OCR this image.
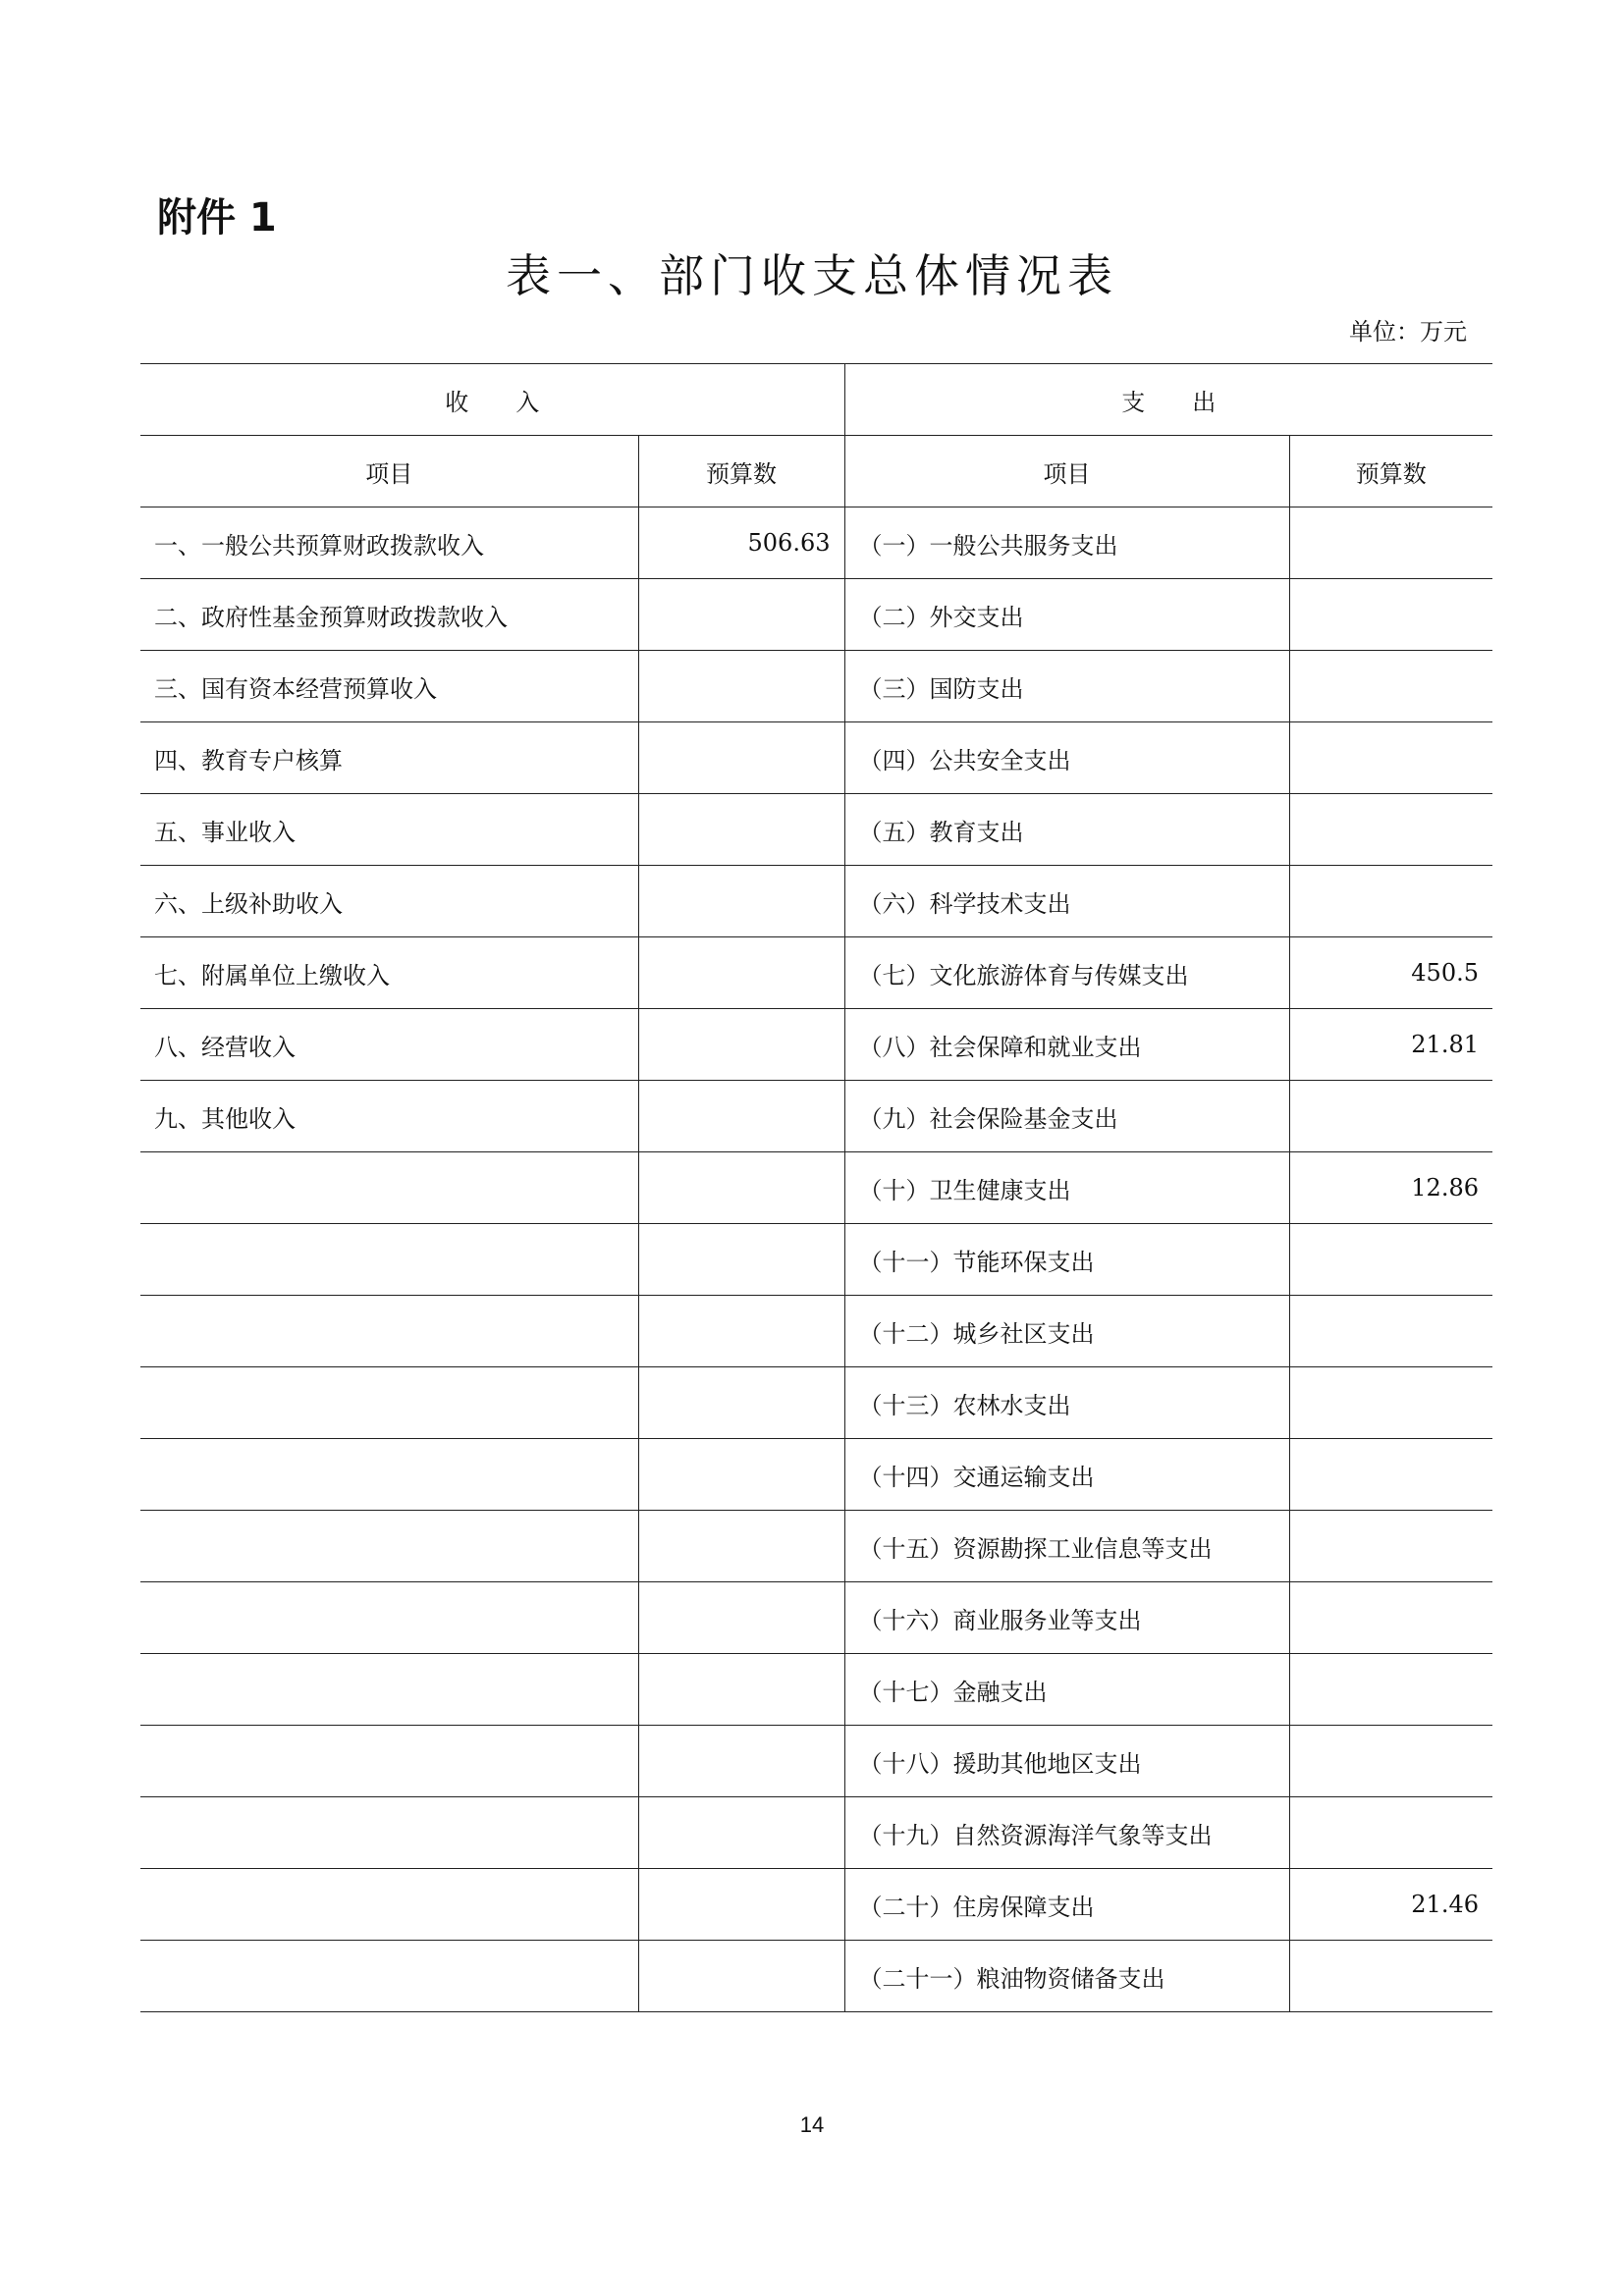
附件 1
表一、部门收支总体情况表
单位：万元
收　　入		支　　出	
项目	预算数	项目	预算数
一、一般公共预算财政拨款收入	506.63	（一）一般公共服务支出	
二、政府性基金预算财政拨款收入		（二）外交支出	
三、国有资本经营预算收入		（三）国防支出	
四、教育专户核算		（四）公共安全支出	
五、事业收入		（五）教育支出	
六、上级补助收入		（六）科学技术支出	
七、附属单位上缴收入		（七）文化旅游体育与传媒支出	450.5
八、经营收入		（八）社会保障和就业支出	21.81
九、其他收入		（九）社会保险基金支出	
		（十）卫生健康支出	12.86
		（十一）节能环保支出	
		（十二）城乡社区支出	
		（十三）农林水支出	
		（十四）交通运输支出	
		（十五）资源勘探工业信息等支出	
		（十六）商业服务业等支出	
		（十七）金融支出	
		（十八）援助其他地区支出	
		（十九）自然资源海洋气象等支出	
		（二十）住房保障支出	21.46
		（二十一）粮油物资储备支出	
14
